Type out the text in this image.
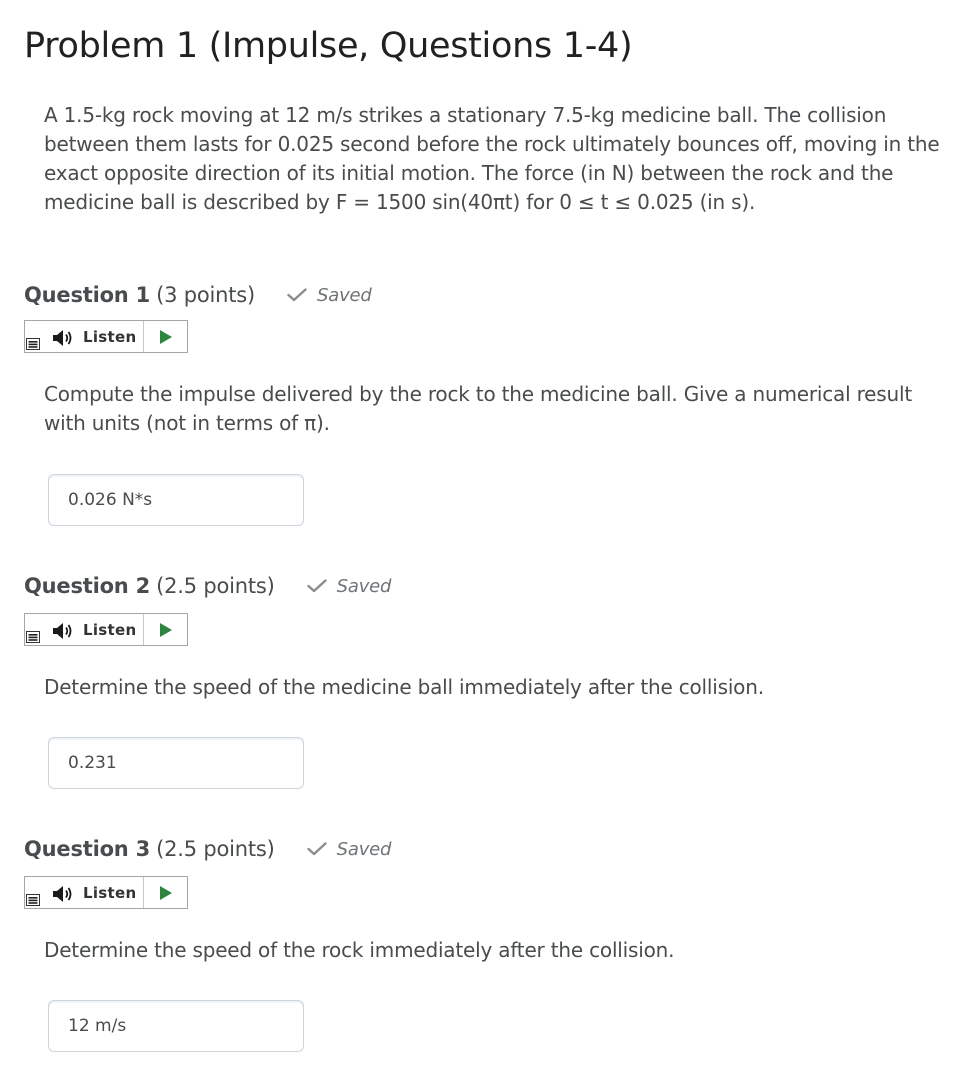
Problem 1 (Impulse, Questions 1-4)

A 1.5-kg rock moving at 12 m/s strikes a stationary 7.5-kg medicine ball. The collision between them lasts for 0.025 second before the rock ultimately bounces off, moving in the exact opposite direction of its initial motion. The force (in N) between the rock and the medicine ball is described by F = 1500 sin(40πt) for 0 ≤ t ≤ 0.025 (in s).

Question 1 (3 points)	Saved
Listen

Compute the impulse delivered by the rock to the medicine ball. Give a numerical result with units (not in terms of π).

0.026 N*s
Question 2 (2.5 points)	Saved
Listen

Determine the speed of the medicine ball immediately after the collision.

0.231
Question 3 (2.5 points)	Saved
Listen

Determine the speed of the rock immediately after the collision.

12 m/s
